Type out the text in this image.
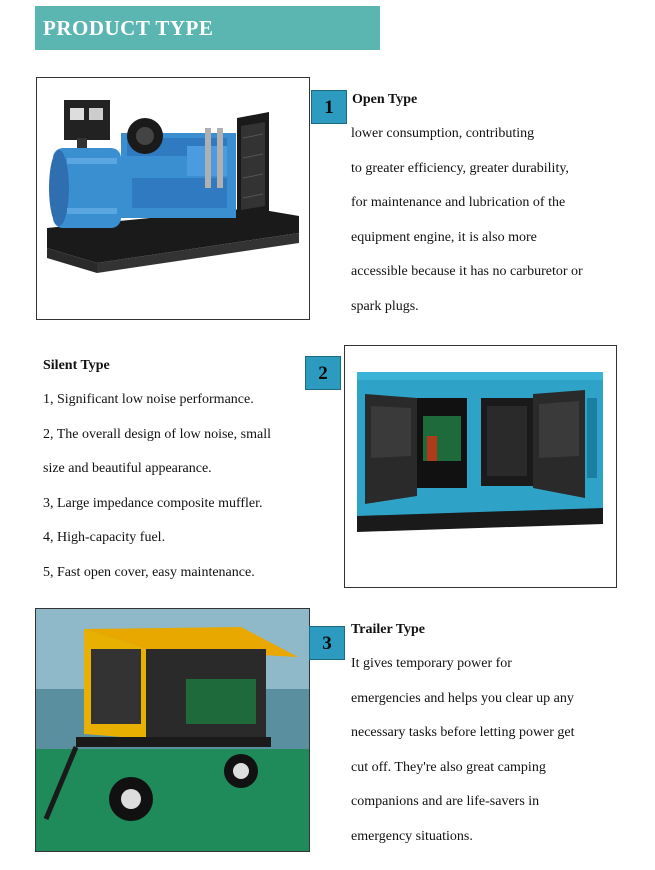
PRODUCT TYPE
1	Open Type
lower consumption, contributing
to greater efficiency, greater durability,
for maintenance and lubrication of the
equipment engine, it is also more
accessible because it has no carburetor or
spark plugs.
Silent Type
1, Significant low noise performance.
2, The overall design of low noise, small
size and beautiful appearance.
3, Large impedance composite muffler.
4, High-capacity fuel.
5, Fast open cover, easy maintenance.
2
3
Trailer Type
It gives temporary power for
emergencies and helps you clear up any
necessary tasks before letting power get
cut off. They're also great camping
companions and are life-savers in
emergency situations.
